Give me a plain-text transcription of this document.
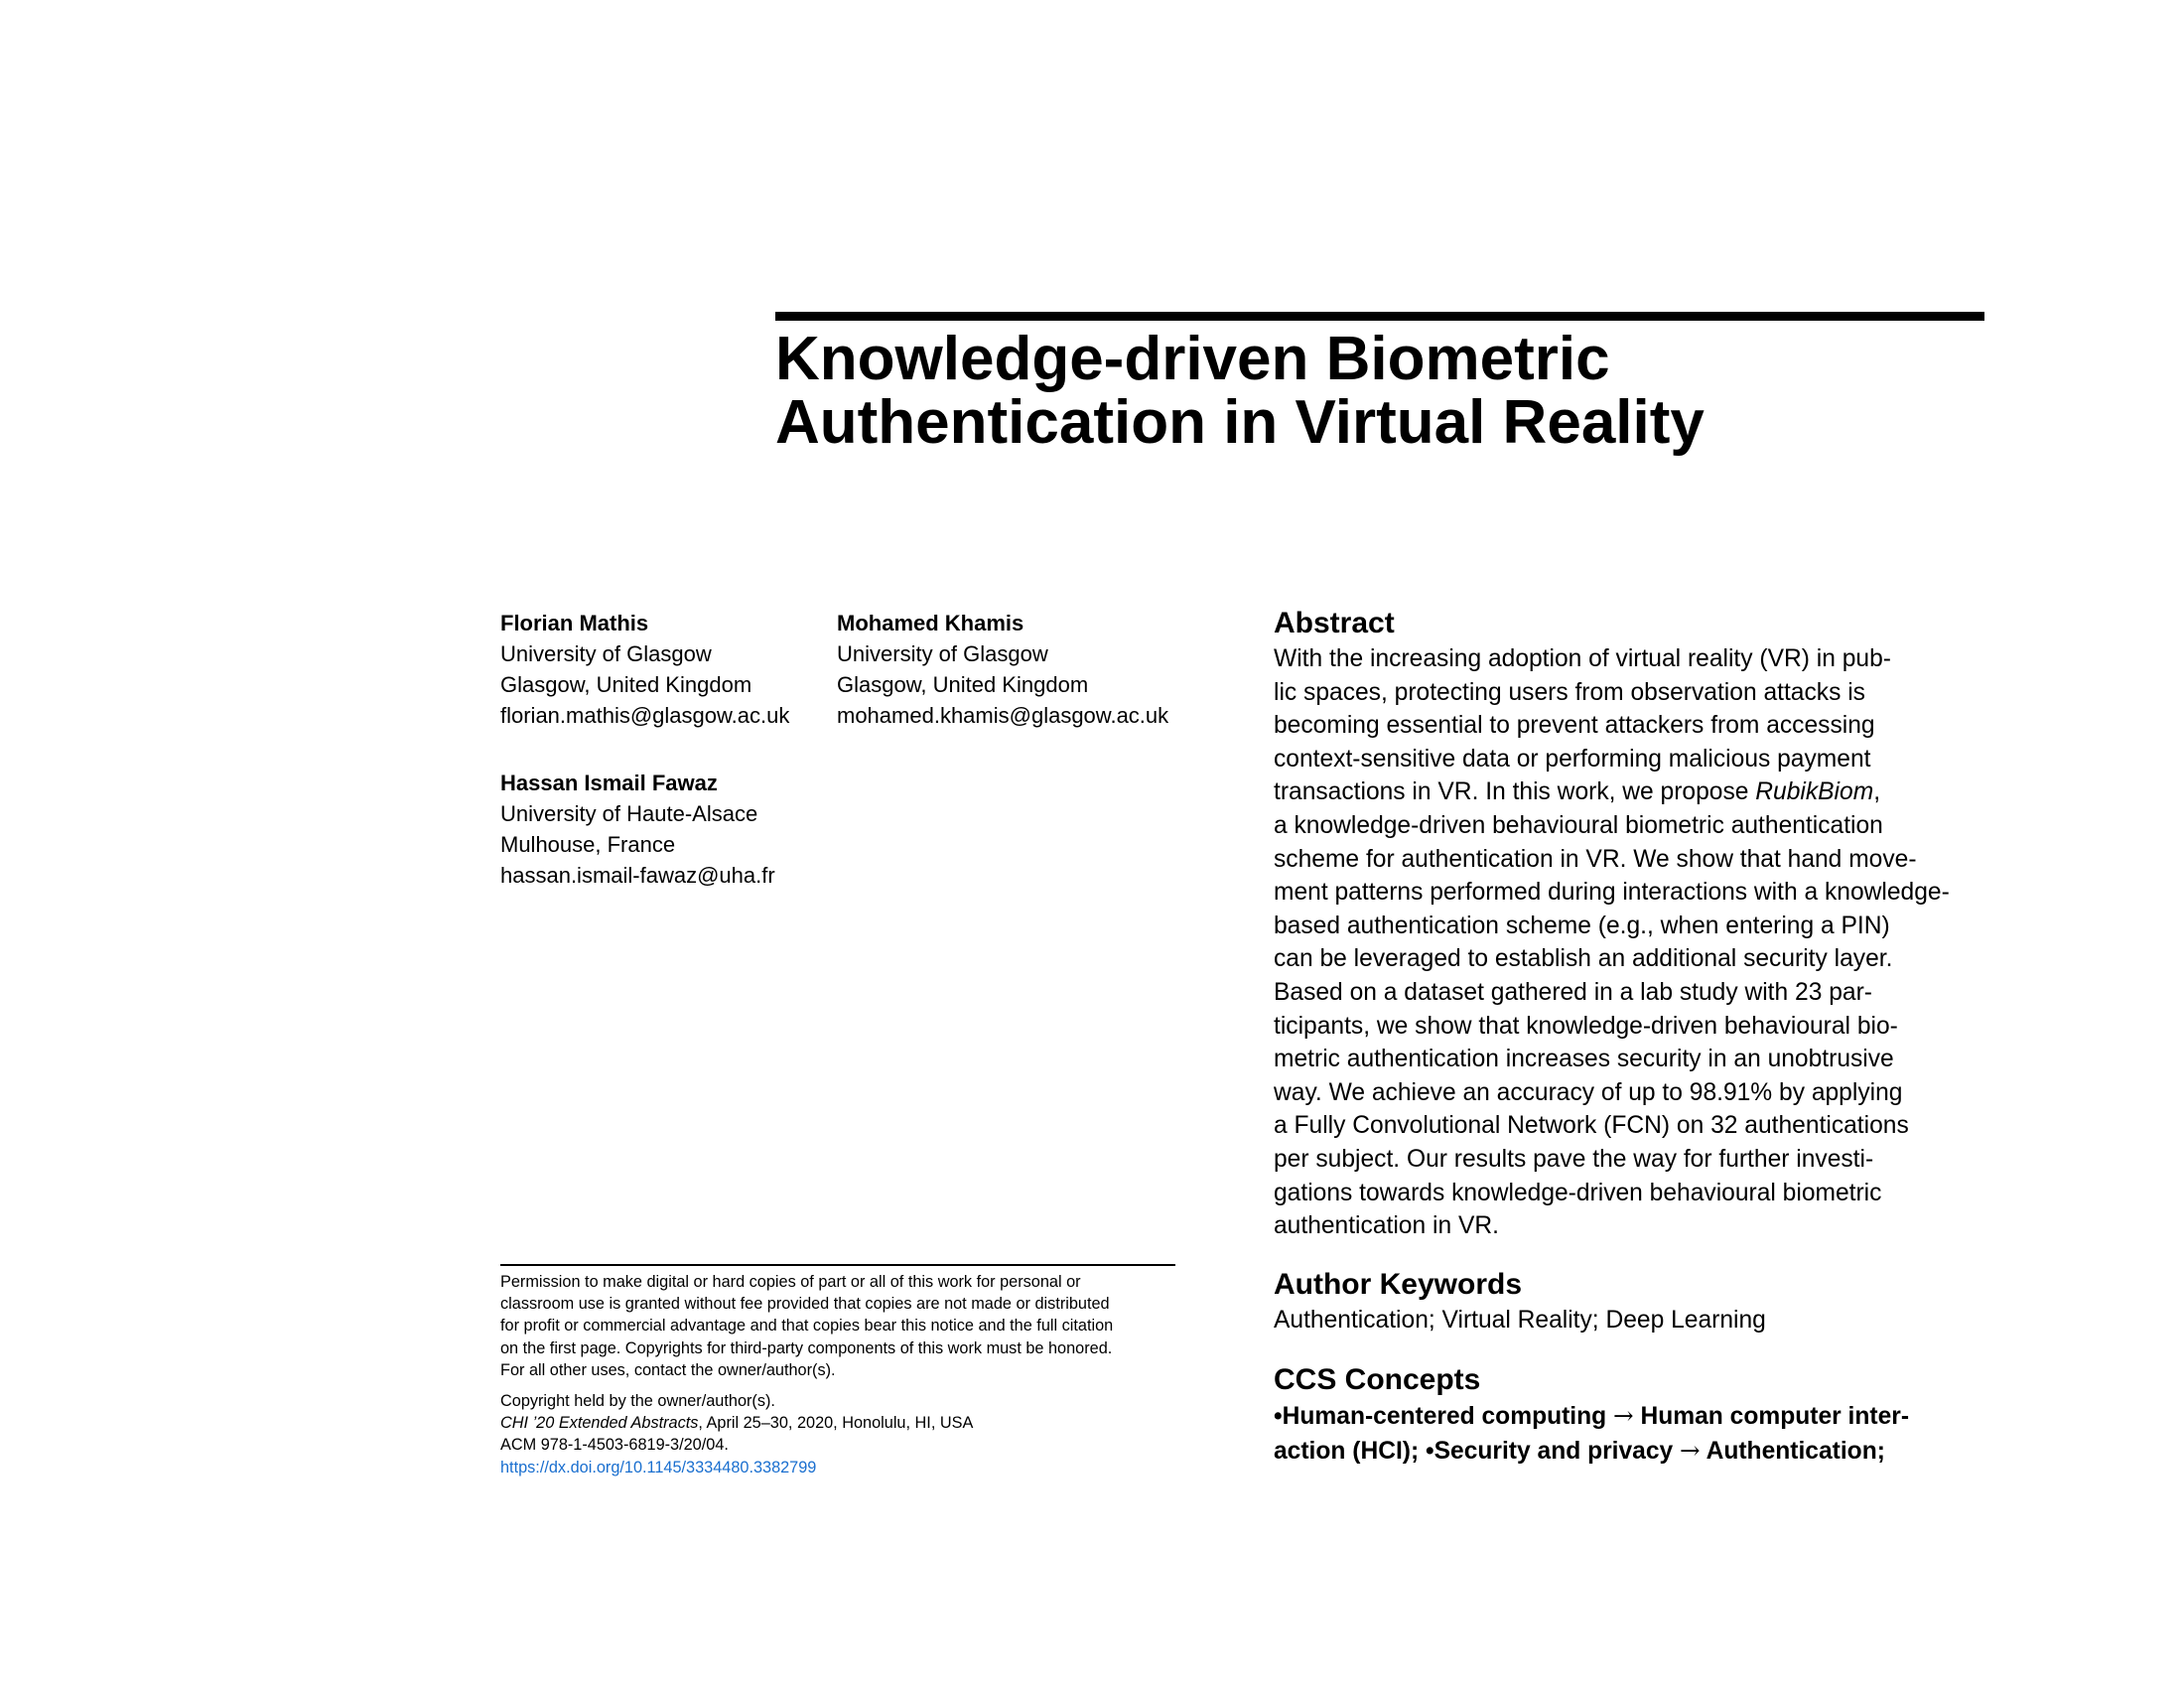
Knowledge-driven Biometric
Authentication in Virtual Reality
Florian Mathis
University of Glasgow
Glasgow, United Kingdom
florian.mathis@glasgow.ac.uk
Mohamed Khamis
University of Glasgow
Glasgow, United Kingdom
mohamed.khamis@glasgow.ac.uk
Hassan Ismail Fawaz
University of Haute-Alsace
Mulhouse, France
hassan.ismail-fawaz@uha.fr
Permission to make digital or hard copies of part or all of this work for personal or
classroom use is granted without fee provided that copies are not made or distributed
for profit or commercial advantage and that copies bear this notice and the full citation
on the first page. Copyrights for third-party components of this work must be honored.
For all other uses, contact the owner/author(s).
Copyright held by the owner/author(s).
CHI ’20 Extended Abstracts, April 25–30, 2020, Honolulu, HI, USA
ACM 978-1-4503-6819-3/20/04.
https://dx.doi.org/10.1145/3334480.3382799
Abstract
With the increasing adoption of virtual reality (VR) in pub-
lic spaces, protecting users from observation attacks is
becoming essential to prevent attackers from accessing
context-sensitive data or performing malicious payment
transactions in VR. In this work, we propose RubikBiom,
a knowledge-driven behavioural biometric authentication
scheme for authentication in VR. We show that hand move-
ment patterns performed during interactions with a knowledge-
based authentication scheme (e.g., when entering a PIN)
can be leveraged to establish an additional security layer.
Based on a dataset gathered in a lab study with 23 par-
ticipants, we show that knowledge-driven behavioural bio-
metric authentication increases security in an unobtrusive
way. We achieve an accuracy of up to 98.91% by applying
a Fully Convolutional Network (FCN) on 32 authentications
per subject. Our results pave the way for further investi-
gations towards knowledge-driven behavioural biometric
authentication in VR.
Author Keywords
Authentication; Virtual Reality; Deep Learning
CCS Concepts
•Human-centered computing → Human computer inter-
action (HCI); •Security and privacy → Authentication;
